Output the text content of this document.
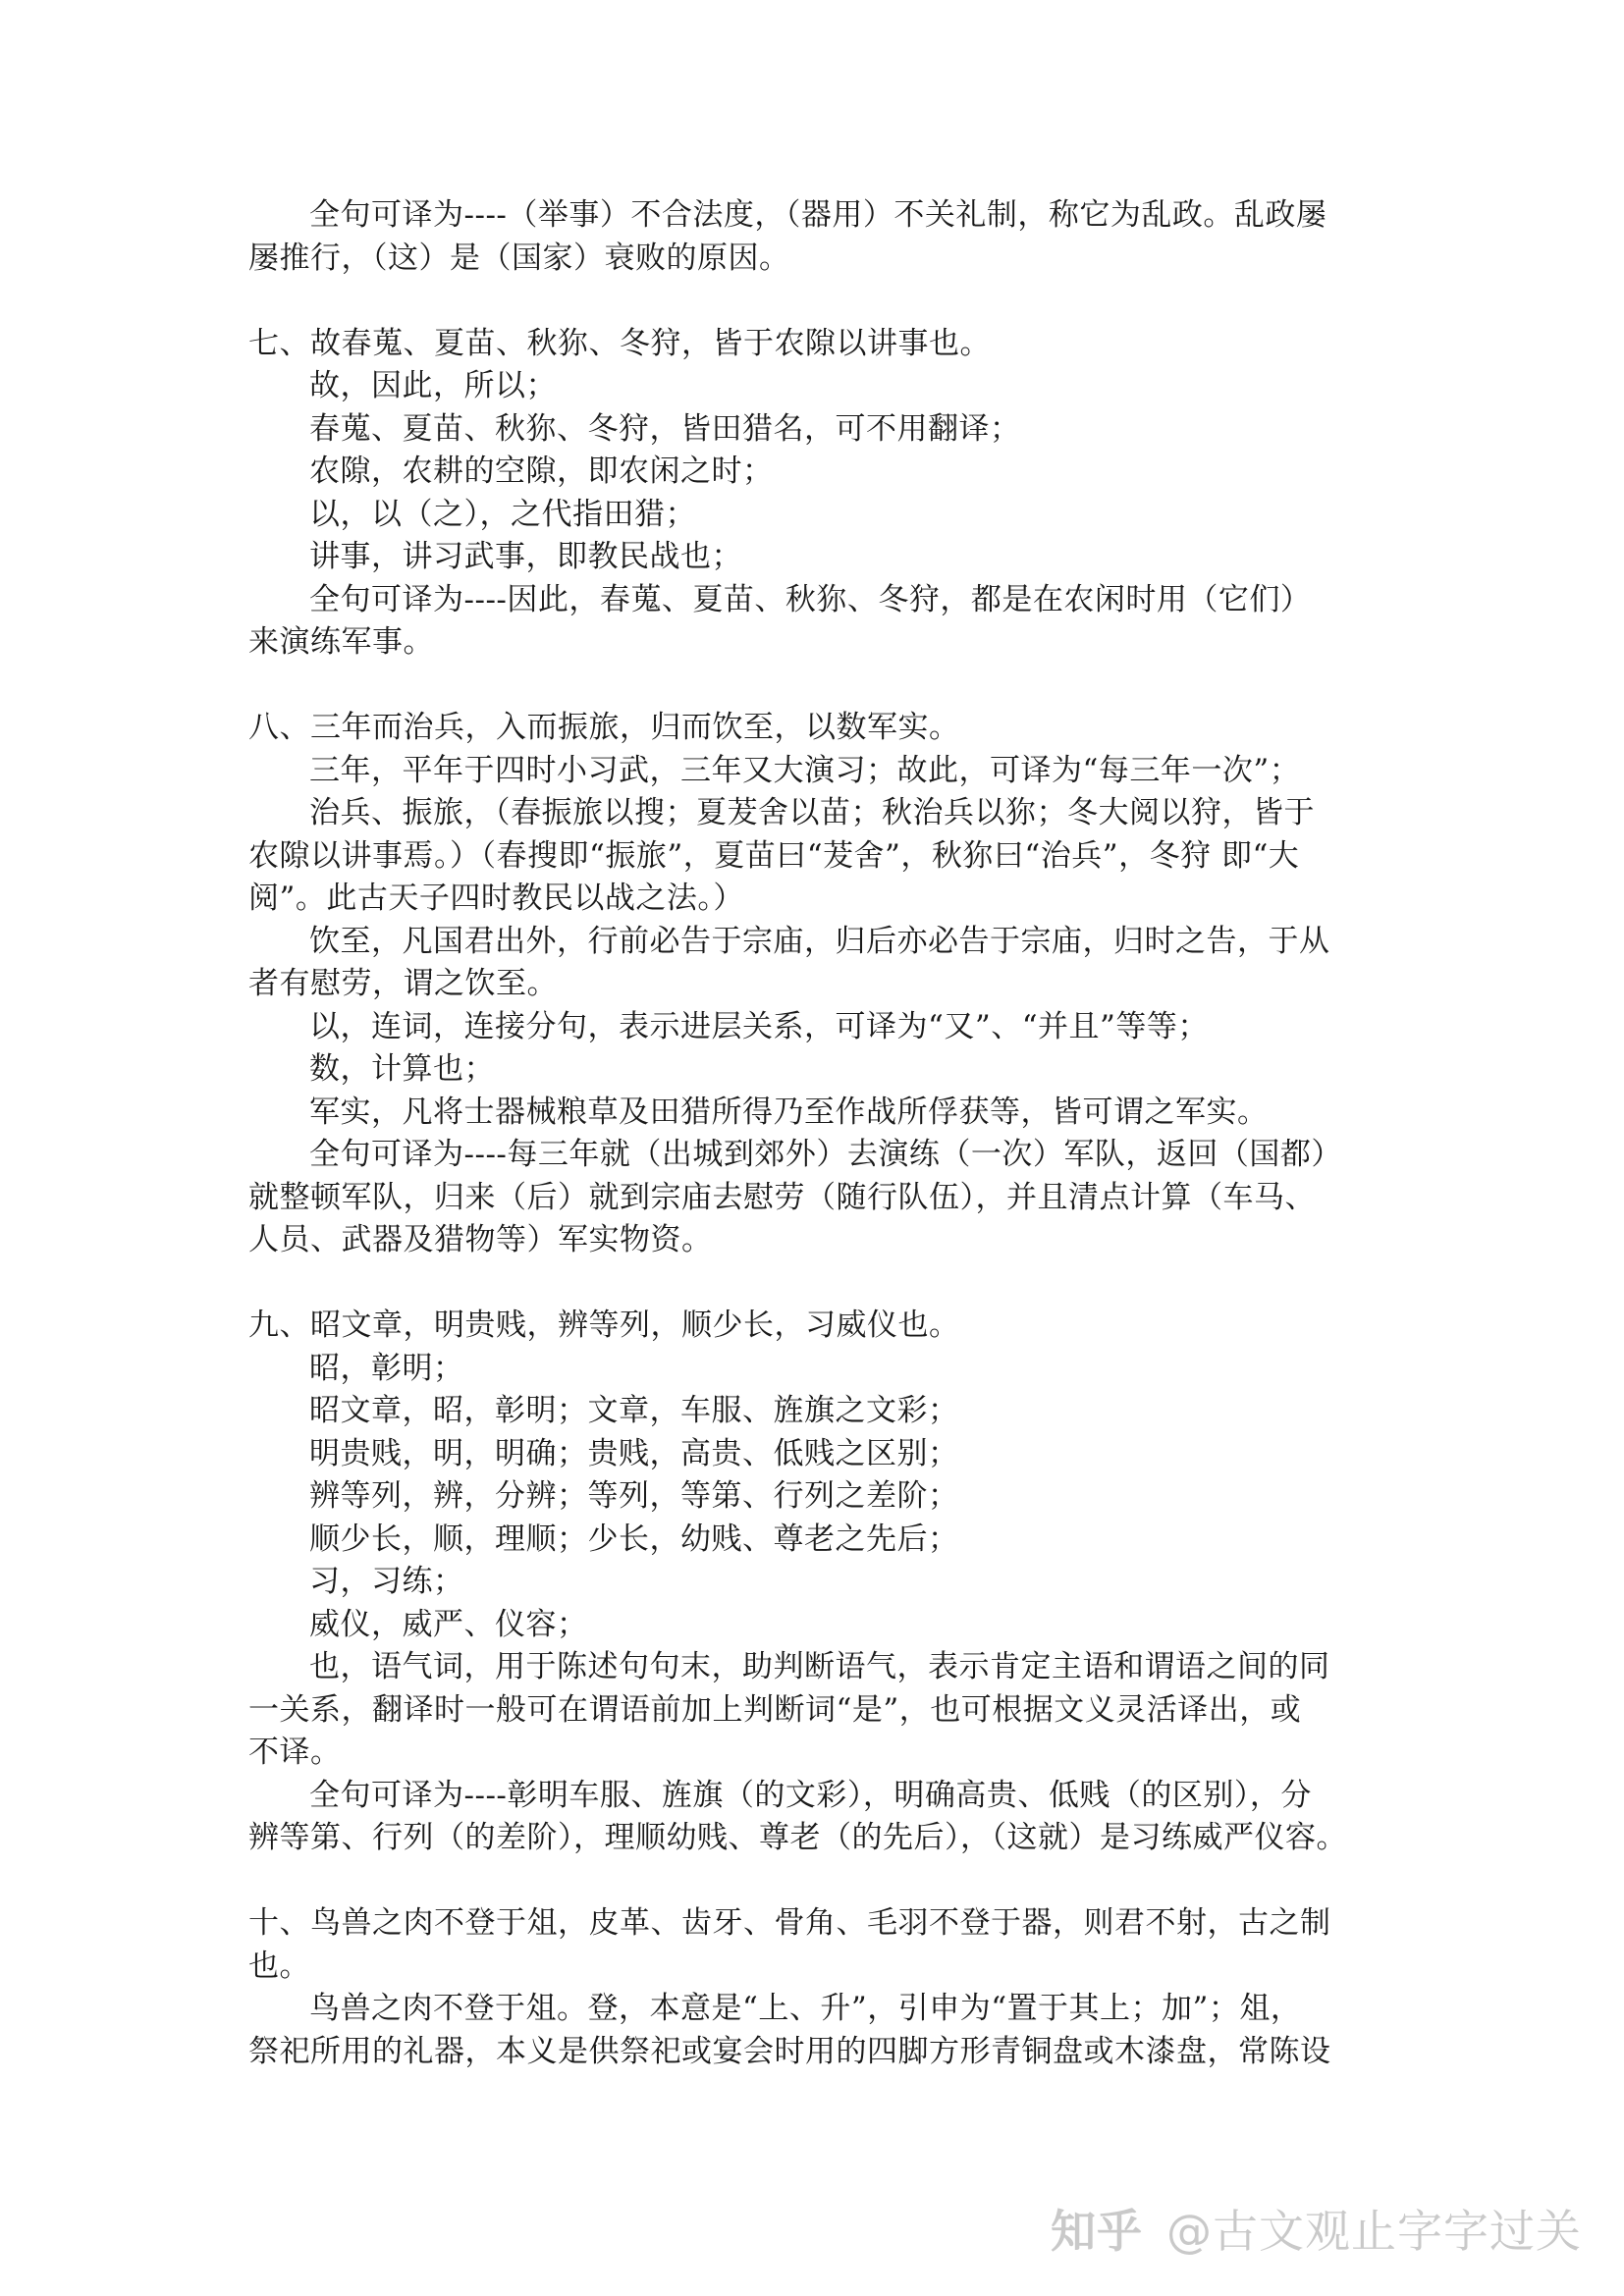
全句可译为----（举事）不合法度，（器用）不关礼制，称它为乱政。乱政屡
屡推行，（这）是（国家）衰败的原因。
七、故春蒐、夏苗、秋狝、冬狩，皆于农隙以讲事也。
故，因此，所以；
春蒐、夏苗、秋狝、冬狩，皆田猎名，可不用翻译；
农隙，农耕的空隙，即农闲之时；
以，以（之），之代指田猎；
讲事，讲习武事，即教民战也；
全句可译为----因此，春蒐、夏苗、秋狝、冬狩，都是在农闲时用（它们）
来演练军事。
八、三年而治兵，入而振旅，归而饮至，以数军实。
三年，平年于四时小习武，三年又大演习；故此，可译为“每三年一次”；
治兵、振旅，（春振旅以搜；夏茇舍以苗；秋治兵以狝；冬大阅以狩，皆于
农隙以讲事焉。）（春搜即“振旅”，夏苗曰“茇舍”，秋狝曰“治兵”，冬狩 即“大
阅”。此古天子四时教民以战之法。）
饮至，凡国君出外，行前必告于宗庙，归后亦必告于宗庙，归时之告，于从
者有慰劳，谓之饮至。
以，连词，连接分句，表示进层关系，可译为“又”、“并且”等等；
数，计算也；
军实，凡将士器械粮草及田猎所得乃至作战所俘获等，皆可谓之军实。
全句可译为----每三年就（出城到郊外）去演练（一次）军队，返回（国都）
就整顿军队，归来（后）就到宗庙去慰劳（随行队伍），并且清点计算（车马、
人员、武器及猎物等）军实物资。
九、昭文章，明贵贱，辨等列，顺少长，习威仪也。
昭，彰明；
昭文章，昭，彰明；文章，车服、旌旗之文彩；
明贵贱，明，明确；贵贱，高贵、低贱之区别；
辨等列，辨，分辨；等列，等第、行列之差阶；
顺少长，顺，理顺；少长，幼贱、尊老之先后；
习，习练；
威仪，威严、仪容；
也，语气词，用于陈述句句末，助判断语气，表示肯定主语和谓语之间的同
一关系，翻译时一般可在谓语前加上判断词“是”，也可根据文义灵活译出，或
不译。
全句可译为----彰明车服、旌旗（的文彩），明确高贵、低贱（的区别），分
辨等第、行列（的差阶），理顺幼贱、尊老（的先后），（这就）是习练威严仪容。
十、鸟兽之肉不登于俎，皮革、齿牙、骨角、毛羽不登于器，则君不射，古之制
也。
鸟兽之肉不登于俎。登，本意是“上、升”，引申为“置于其上；加”；俎，
祭祀所用的礼器，本义是供祭祀或宴会时用的四脚方形青铜盘或木漆盘，常陈设
知乎 @古文观止字字过关
